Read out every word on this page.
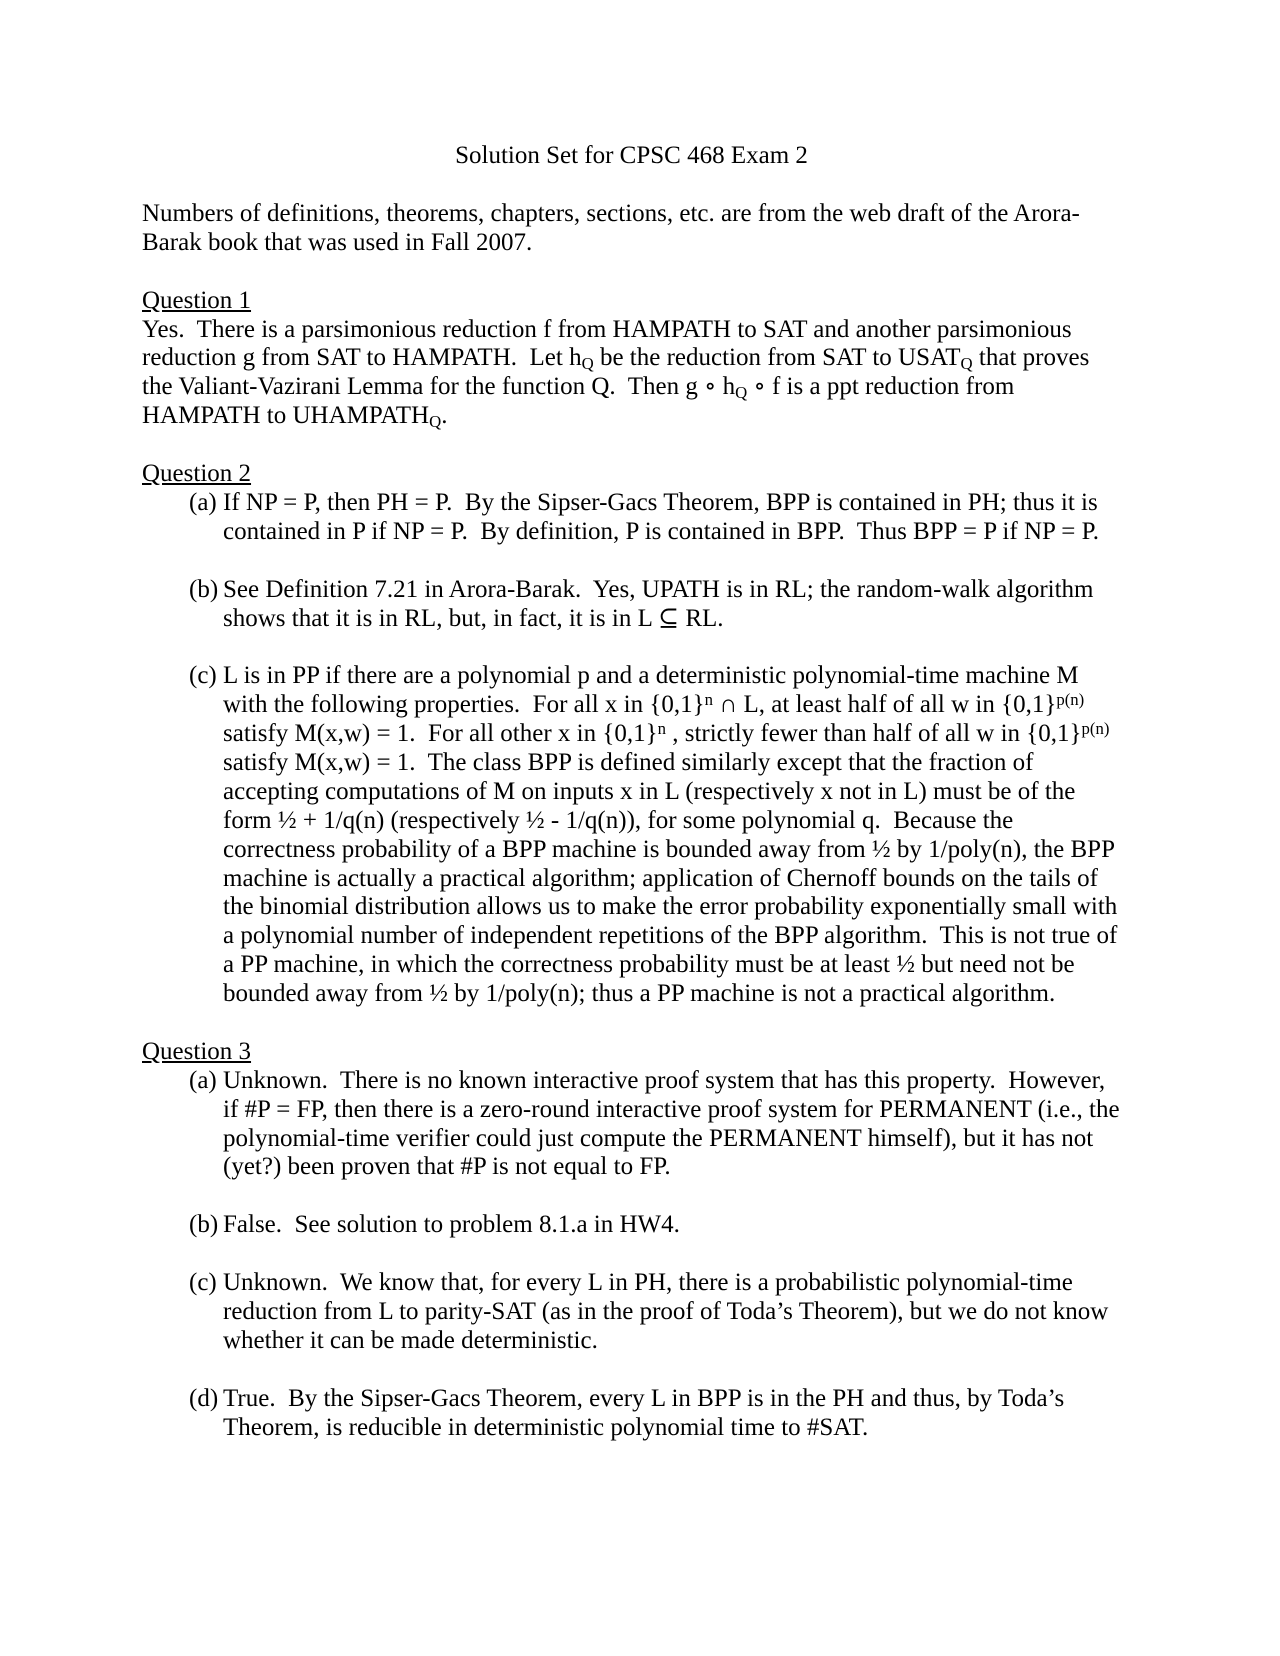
Solution Set for CPSC 468 Exam 2

Numbers of definitions, theorems, chapters, sections, etc. are from the web draft of the Arora-Barak book that was used in Fall 2007.

Question 1

Yes.  There is a parsimonious reduction f from HAMPATH to SAT and another parsimonious reduction g from SAT to HAMPATH.  Let $h_Q$ be the reduction from SAT to $USAT_Q$ that proves the Valiant-Vazirani Lemma for the function Q.  Then g ∘ $h_Q$ ∘ f is a ppt reduction from HAMPATH to $UHAMPATH_Q$.

Question 2
(a) If NP = P, then PH = P.  By the Sipser-Gacs Theorem, BPP is contained in PH; thus it is contained in P if NP = P.  By definition, P is contained in BPP.  Thus BPP = P if NP = P.
(b) See Definition 7.21 in Arora-Barak.  Yes, UPATH is in RL; the random-walk algorithm shows that it is in RL, but, in fact, it is in L ⊆ RL.
(c) L is in PP if there are a polynomial p and a deterministic polynomial-time machine M with the following properties.  For all x in $\{0,1\}^n$ ∩ L, at least half of all w in $\{0,1\}^{p(n)}$ satisfy M(x,w) = 1.  For all other x in $\{0,1\}^n$ , strictly fewer than half of all w in $\{0,1\}^{p(n)}$ satisfy M(x,w) = 1.  The class BPP is defined similarly except that the fraction of accepting computations of M on inputs x in L (respectively x not in L) must be of the form ½ + 1/q(n) (respectively ½ - 1/q(n)), for some polynomial q.  Because the correctness probability of a BPP machine is bounded away from ½ by 1/poly(n), the BPP machine is actually a practical algorithm; application of Chernoff bounds on the tails of the binomial distribution allows us to make the error probability exponentially small with a polynomial number of independent repetitions of the BPP algorithm.  This is not true of a PP machine, in which the correctness probability must be at least ½ but need not be bounded away from ½ by 1/poly(n); thus a PP machine is not a practical algorithm.
Question 3
(a) Unknown.  There is no known interactive proof system that has this property.  However, if #P = FP, then there is a zero-round interactive proof system for PERMANENT (i.e., the polynomial-time verifier could just compute the PERMANENT himself), but it has not (yet?) been proven that #P is not equal to FP.
(b) False.  See solution to problem 8.1.a in HW4.
(c) Unknown.  We know that, for every L in PH, there is a probabilistic polynomial-time reduction from L to parity-SAT (as in the proof of Toda’s Theorem), but we do not know whether it can be made deterministic.
(d) True.  By the Sipser-Gacs Theorem, every L in BPP is in the PH and thus, by Toda’s Theorem, is reducible in deterministic polynomial time to #SAT.
